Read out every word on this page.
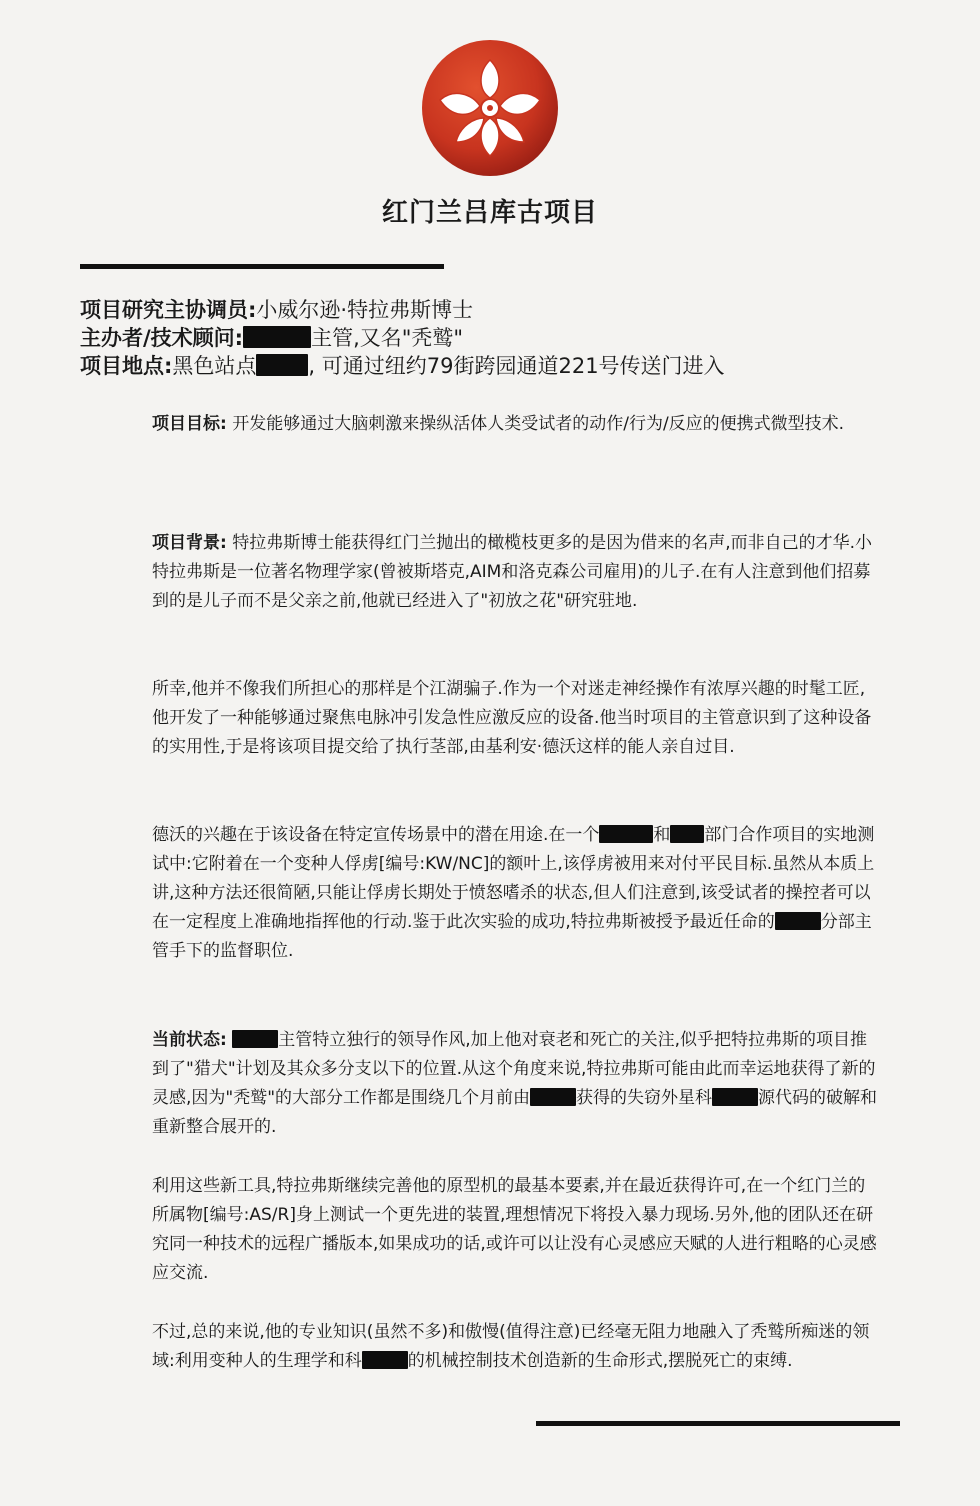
红门兰吕库古项目
项目研究主协调员:小威尔逊·特拉弗斯博士
主办者/技术顾问:	主管,又名"秃鹫"
项目地点:黑色站点 , 可通过纽约79街跨园通道221号传送门进入

项目目标: 开发能够通过大脑刺激来操纵活体人类受试者的动作/行为/反应的便携式微型技术.

项目背景: 特拉弗斯博士能获得红门兰抛出的橄榄枝更多的是因为借来的名声,而非自己的才华.小特拉弗斯是一位著名物理学家(曾被斯塔克,AIM和洛克森公司雇用)的儿子.在有人注意到他们招募到的是儿子而不是父亲之前,他就已经进入了"初放之花"研究驻地.

所幸,他并不像我们所担心的那样是个江湖骗子.作为一个对迷走神经操作有浓厚兴趣的时髦工匠,他开发了一种能够通过聚焦电脉冲引发急性应激反应的设备.他当时项目的主管意识到了这种设备的实用性,于是将该项目提交给了执行茎部,由基利安·德沃这样的能人亲自过目.

德沃的兴趣在于该设备在特定宣传场景中的潜在用途.在一个	和 部门合作项目的实地测试中:它附着在一个变种人俘虏[编号:KW/NC]的额叶上,该俘虏被用来对付平民目标.虽然从本质上讲,这种方法还很简陋,只能让俘虏长期处于愤怒嗜杀的状态,但人们注意到,该受试者的操控者可以在一定程度上准确地指挥他的行动.鉴于此次实验的成功,特拉弗斯被授予最近任命的	分部主管手下的监督职位.

当前状态:	主管特立独行的领导作风,加上他对衰老和死亡的关注,似乎把特拉弗斯的项目推到了"猎犬"计划及其众多分支以下的位置.从这个角度来说,特拉弗斯可能由此而幸运地获得了新的灵感,因为"秃鹫"的大部分工作都是围绕几个月前由	获得的失窃外星科	源代码的破解和重新整合展开的.

利用这些新工具,特拉弗斯继续完善他的原型机的最基本要素,并在最近获得许可,在一个红门兰的所属物[编号:AS/R]身上测试一个更先进的装置,理想情况下将投入暴力现场.另外,他的团队还在研究同一种技术的远程广播版本,如果成功的话,或许可以让没有心灵感应天赋的人进行粗略的心灵感应交流.

不过,总的来说,他的专业知识(虽然不多)和傲慢(值得注意)已经毫无阻力地融入了秃鹫所痴迷的领域:利用变种人的生理学和科	的机械控制技术创造新的生命形式,摆脱死亡的束缚.
